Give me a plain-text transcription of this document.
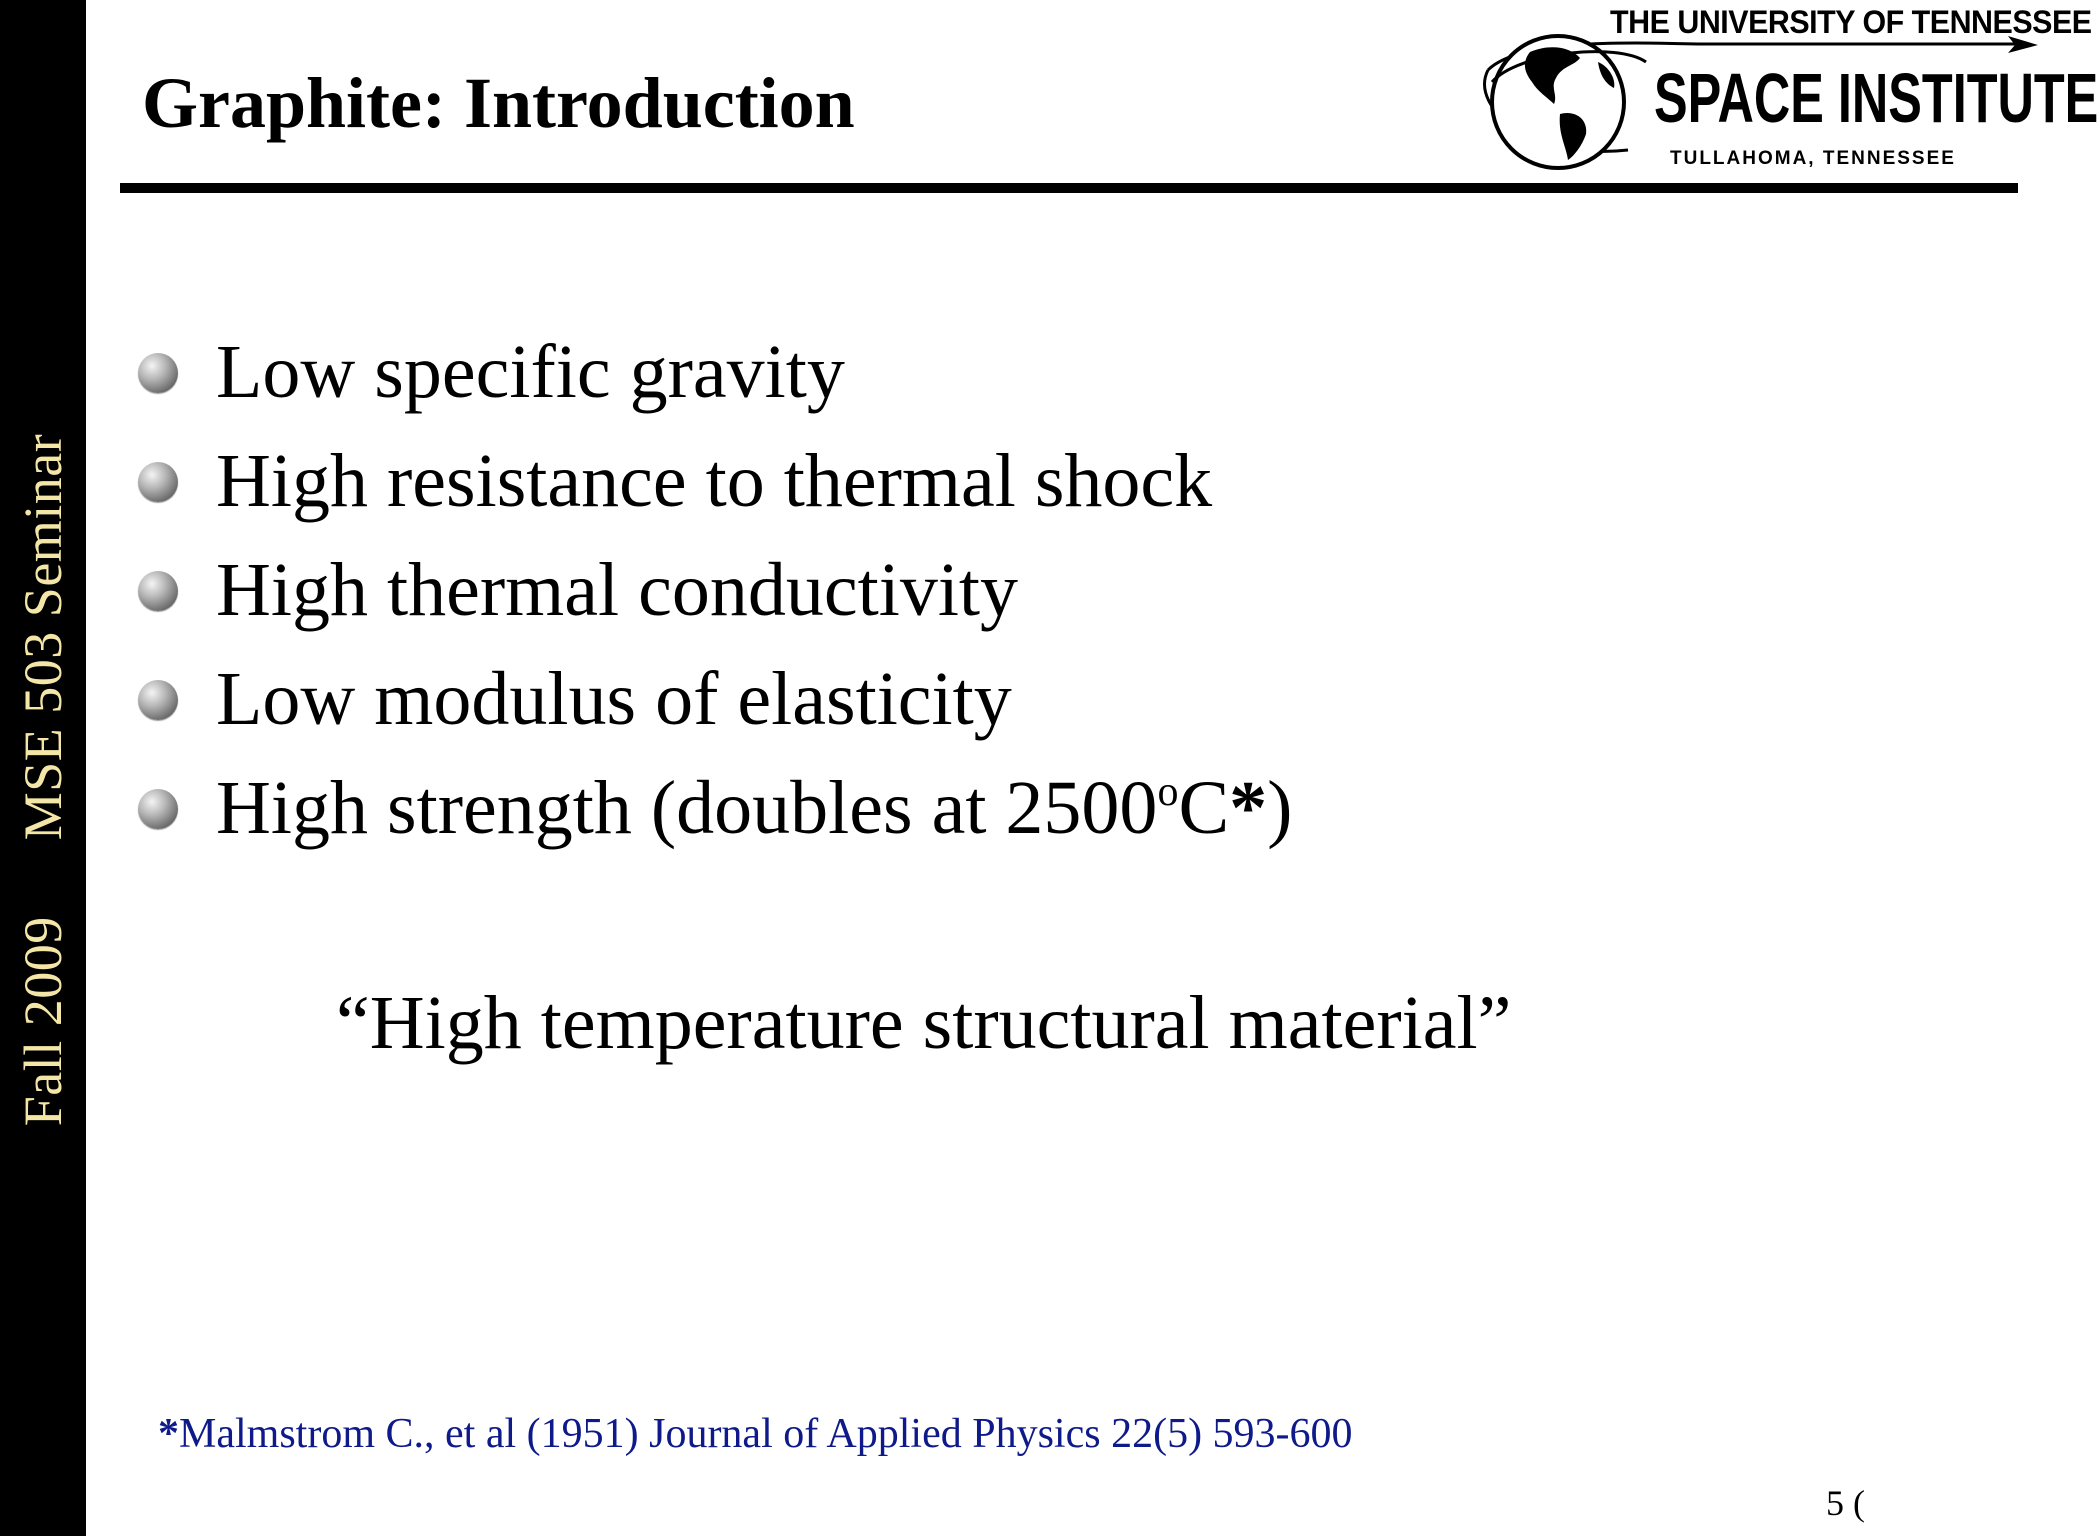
Fall 2009MSE 503 Seminar
Graphite: Introduction
THE UNIVERSITY OF TENNESSEE
SPACE INSTITUTE
TULLAHOMA, TENNESSEE
Low specific gravity
High resistance to thermal shock
High thermal conductivity
Low modulus of elasticity
High strength (doubles at 2500$^o$C*)
“High temperature structural material”
*Malmstrom C., et al (1951) Journal of Applied Physics 22(5) 593-600
5 (
